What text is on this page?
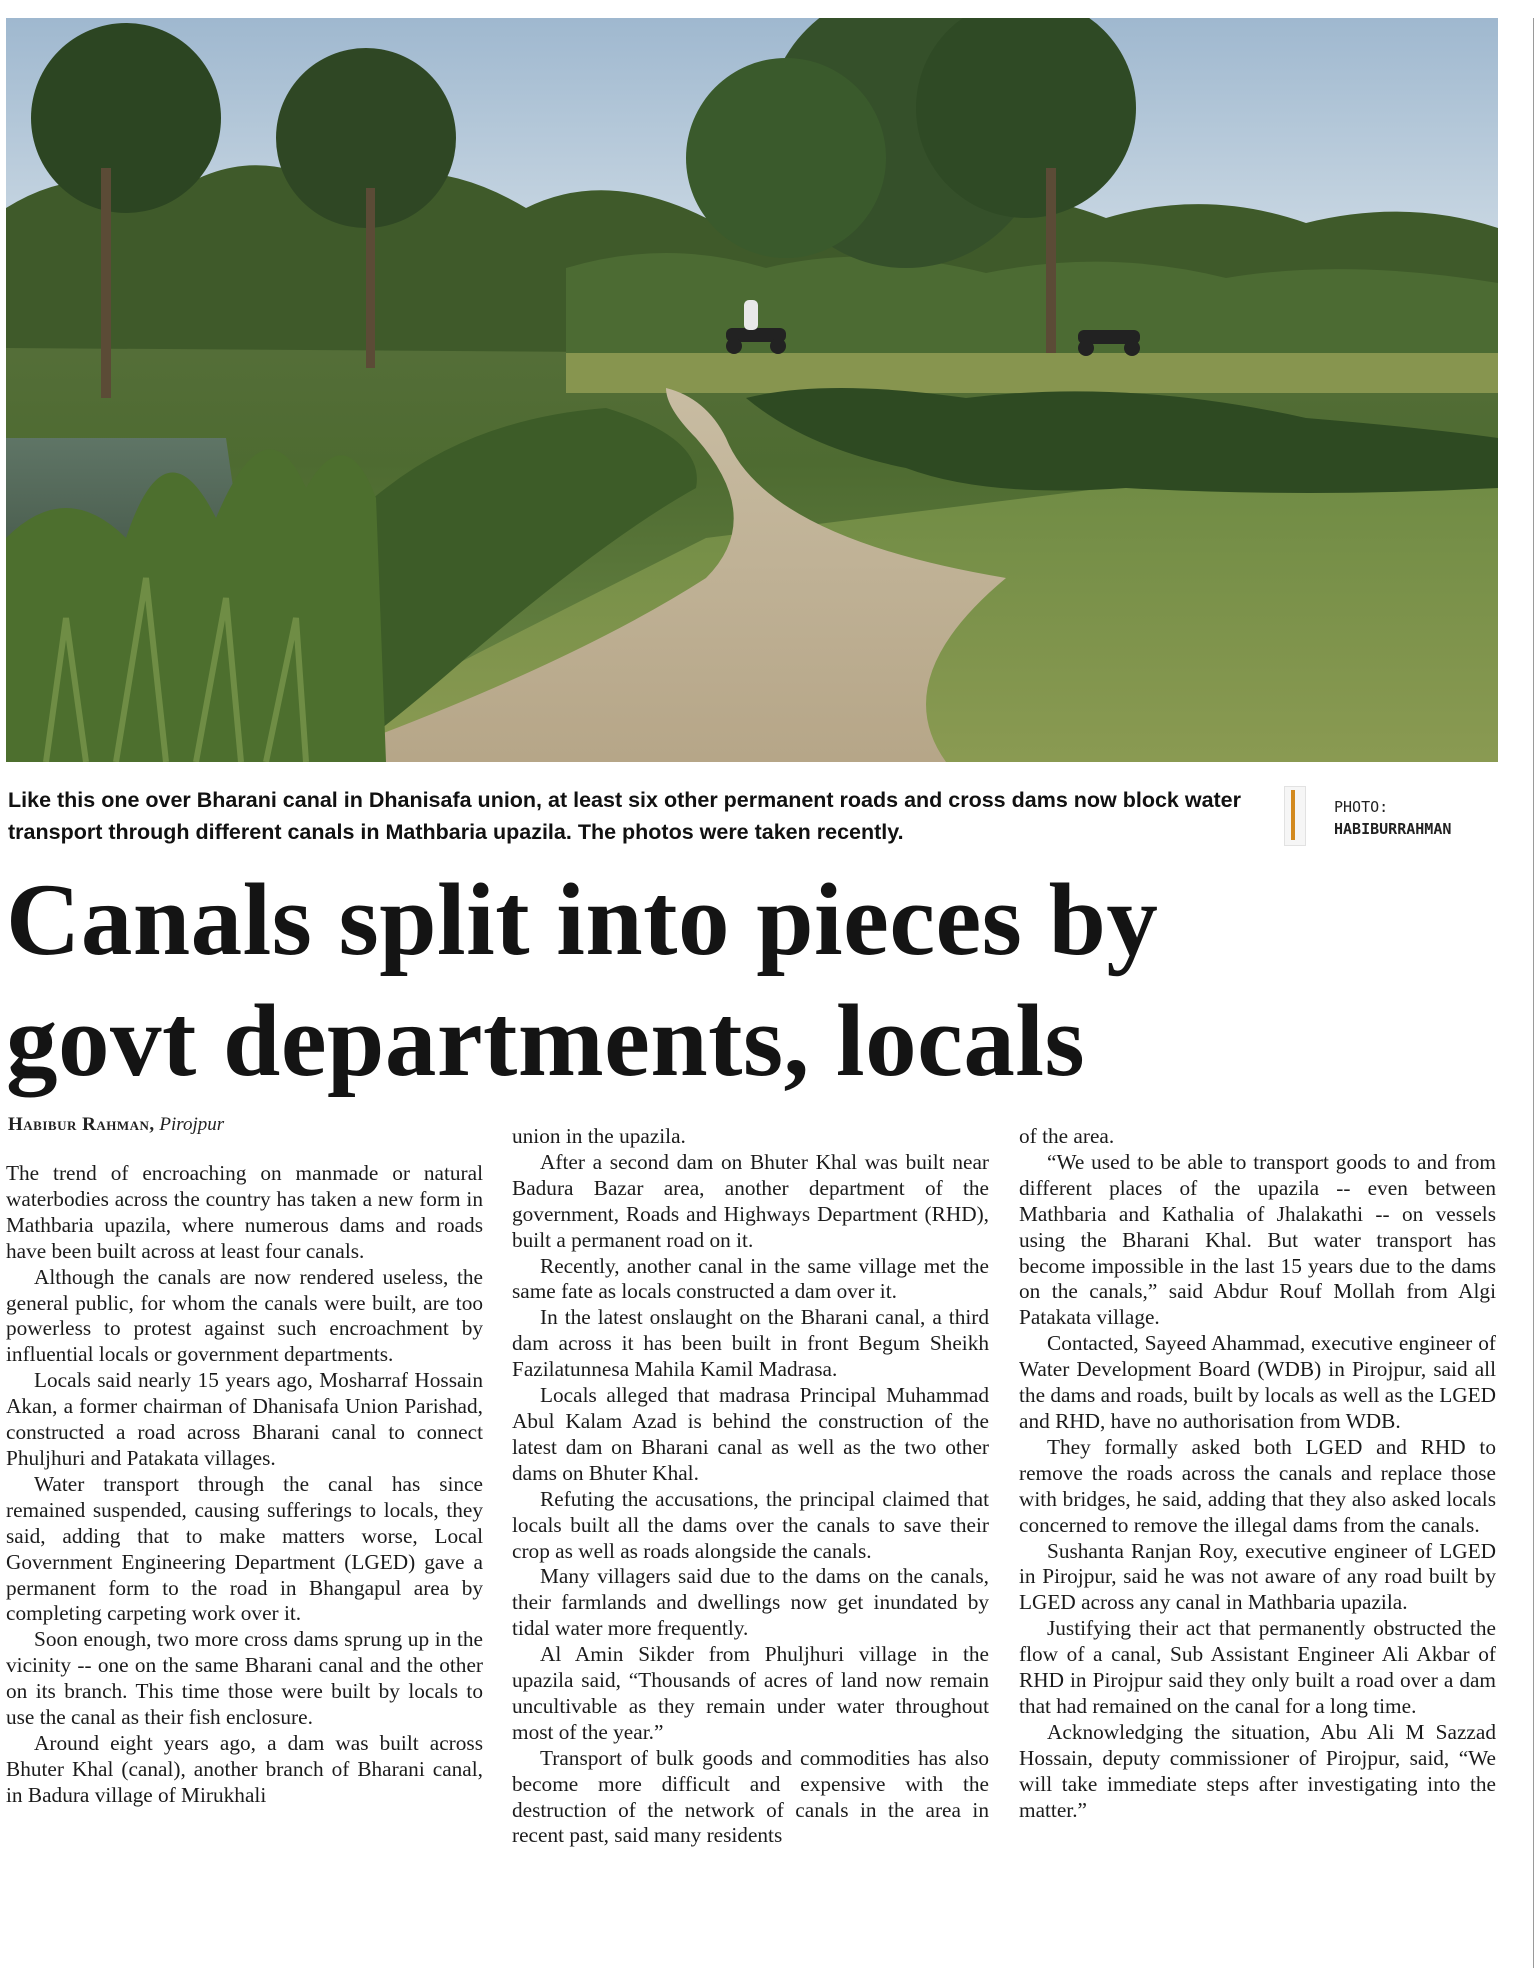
Like this one over Bharani canal in Dhanisafa union, at least six other permanent roads and cross dams now block water transport through different canals in Mathbaria upazila. The photos were taken recently.
PHOTO:
HABIBURRAHMAN
Canals split into pieces by
govt departments, locals
Habibur Rahman, Pirojpur

The trend of encroaching on manmade or natural waterbodies across the country has taken a new form in Mathbaria upazila, where numerous dams and roads have been built across at least four canals.

Although the canals are now rendered useless, the general public, for whom the canals were built, are too powerless to protest against such encroachment by influential locals or government departments.

Locals said nearly 15 years ago, Mosharraf Hossain Akan, a former chairman of Dhanisafa Union Parishad, constructed a road across Bharani canal to connect Phuljhuri and Patakata villages.

Water transport through the canal has since remained suspended, causing sufferings to locals, they said, adding that to make matters worse, Local Government Engineering Department (LGED) gave a permanent form to the road in Bhangapul area by completing carpeting work over it.

Soon enough, two more cross dams sprung up in the vicinity -- one on the same Bharani canal and the other on its branch. This time those were built by locals to use the canal as their fish enclosure.

Around eight years ago, a dam was built across Bhuter Khal (canal), another branch of Bharani canal, in Badura village of Mirukhali

union in the upazila.

After a second dam on Bhuter Khal was built near Badura Bazar area, another department of the government, Roads and Highways Department (RHD), built a permanent road on it.

Recently, another canal in the same village met the same fate as locals constructed a dam over it.

In the latest onslaught on the Bharani canal, a third dam across it has been built in front Begum Sheikh Fazilatunnesa Mahila Kamil Madrasa.

Locals alleged that madrasa Principal Muhammad Abul Kalam Azad is behind the construction of the latest dam on Bharani canal as well as the two other dams on Bhuter Khal.

Refuting the accusations, the principal claimed that locals built all the dams over the canals to save their crop as well as roads alongside the canals.

Many villagers said due to the dams on the canals, their farmlands and dwellings now get inundated by tidal water more frequently.

Al Amin Sikder from Phuljhuri village in the upazila said, “Thousands of acres of land now remain uncultivable as they remain under water throughout most of the year.”

Transport of bulk goods and commodities has also become more difficult and expensive with the destruction of the network of canals in the area in recent past, said many residents

of the area.

“We used to be able to transport goods to and from different places of the upazila -- even between Mathbaria and Kathalia of Jhalakathi -- on vessels using the Bharani Khal. But water transport has become impossible in the last 15 years due to the dams on the canals,” said Abdur Rouf Mollah from Algi Patakata village.

Contacted, Sayeed Ahammad, executive engineer of Water Development Board (WDB) in Pirojpur, said all the dams and roads, built by locals as well as the LGED and RHD, have no authorisation from WDB.

They formally asked both LGED and RHD to remove the roads across the canals and replace those with bridges, he said, adding that they also asked locals concerned to remove the illegal dams from the canals.

Sushanta Ranjan Roy, executive engineer of LGED in Pirojpur, said he was not aware of any road built by LGED across any canal in Mathbaria upazila.

Justifying their act that permanently obstructed the flow of a canal, Sub Assistant Engineer Ali Akbar of RHD in Pirojpur said they only built a road over a dam that had remained on the canal for a long time.

Acknowledging the situation, Abu Ali M Sazzad Hossain, deputy commissioner of Pirojpur, said, “We will take immediate steps after investigating into the matter.”
